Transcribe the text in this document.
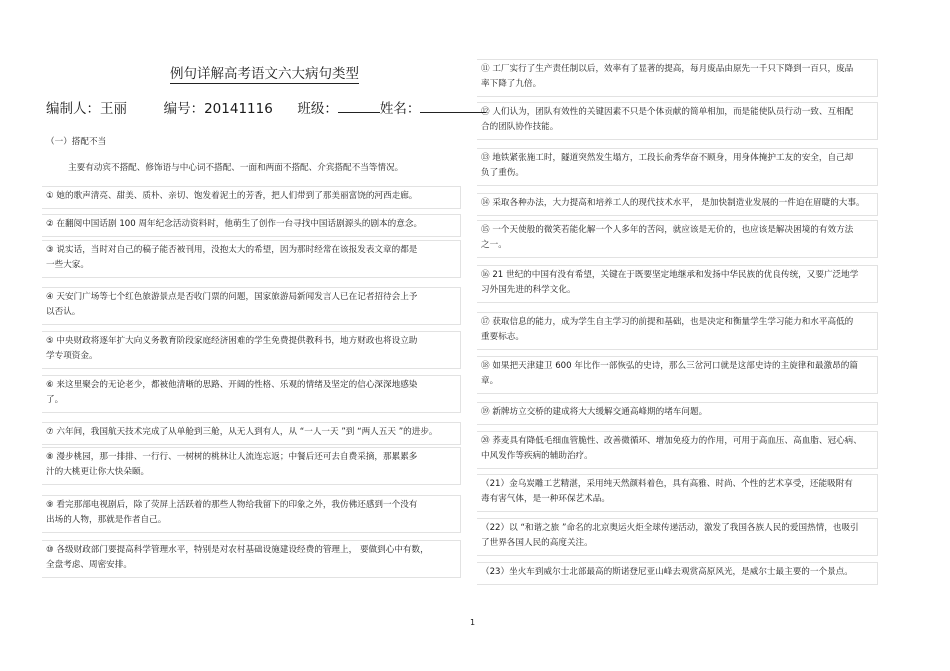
例句详解高考语文六大病句类型
编制人：王丽	编号：20141116 班级：	姓名：
（一）搭配不当
主要有动宾不搭配、修饰语与中心词不搭配、一面和两面不搭配、介宾搭配不当等情况。
① 她的歌声清亮、甜美、质朴、亲切、饱发着泥土的芳香，把人们带到了那美丽富饶的河西走廊。
② 在翻阅中国话剧 100 周年纪念活动资料时，他萌生了创作一台寻找中国话剧源头的剧本的意念。
③ 说实话，当时对自己的稿子能否被刊用，没抱太大的希望，因为那时经常在该报发表文章的都是
一些大家。
④ 天安门广场等七个红色旅游景点是否收门票的问题，国家旅游局新闻发言人已在记者招待会上予
以否认。
⑤ 中央财政将逐年扩大向义务教育阶段家庭经济困难的学生免费提供教科书，地方财政也将设立助
学专项资金。
⑥ 来这里聚会的无论老少，都被他清晰的思路、开阔的性格、乐观的情绪及坚定的信心深深地感染
了。
⑦ 六年间，我国航天技术完成了从单舱到三舱，从无人到有人，从 “一人一天 ”到 “两人五天 ”的进步。
⑧ 漫步桃园，那一排排、一行行、一树树的桃林让人流连忘返；中餐后还可去自费采摘，那累累多
汁的大桃更让你大快朵颐。
⑨ 看完那部电视剧后，除了荧屏上活跃着的那些人物给我留下的印象之外，我仿佛还感到一个没有
出场的人物，那就是作者自己。
⑩ 各级财政部门要提高科学管理水平，特别是对农村基础设施建设经费的管理上， 要做到心中有数，
全盘考虑、周密安排。
⑪ 工厂实行了生产责任制以后，效率有了显著的提高，每月废品由原先一千只下降到一百只，废品
率下降了九倍。
⑫ 人们认为，团队有效性的关键因素不只是个体贡献的简单相加，而是能使队员行动一致、互相配
合的团队协作技能。
⑬ 地铁紧张施工时，隧道突然发生塌方，工段长俞秀华奋不顾身，用身体掩护工友的安全，自己却
负了重伤。
⑭ 采取各种办法，大力提高和培养工人的现代技术水平， 是加快制造业发展的一件迫在眉睫的大事。
⑮ 一个天使般的微笑若能化解一个人多年的苦闷，就应该是无价的，也应该是解决困境的有效方法
之一。
⑯ 21 世纪的中国有没有希望，关键在于既要坚定地继承和发扬中华民族的优良传统，又要广泛地学
习外国先进的科学文化。
⑰ 获取信息的能力，成为学生自主学习的前提和基础，也是决定和衡量学生学习能力和水平高低的
重要标志。
⑱ 如果把天津建卫 600 年比作一部恢弘的史诗，那么三岔河口就是这部史诗的主旋律和最激昂的篇
章。
⑲ 新牌坊立交桥的建成将大大缓解交通高峰期的堵车问题。
⑳ 荞麦具有降低毛细血管脆性、改善微循环、增加免疫力的作用，可用于高血压、高血脂、冠心病、
中风发作等疾病的辅助治疗。
（21）金乌炭雕工艺精湛，采用纯天然颜料着色，具有高雅、时尚、个性的艺术享受，还能吸附有
毒有害气体，是一种环保艺术品。
（22）以 “和谐之旅 ”命名的北京奥运火炬全球传递活动，激发了我国各族人民的爱国热情，也吸引
了世界各国人民的高度关注。
（23）坐火车到威尔士北部最高的斯诺登尼亚山峰去观赏高原风光，是威尔士最主要的一个景点。
1
